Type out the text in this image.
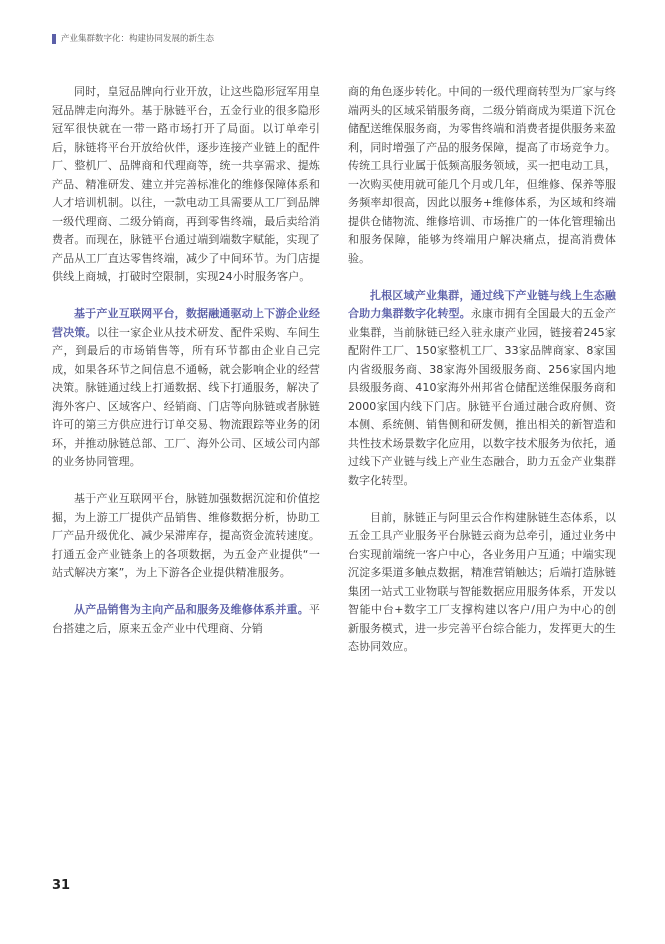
产业集群数字化：构建协同发展的新生态

同时，皇冠品牌向行业开放，让这些隐形冠军用皇冠品牌走向海外。基于脉链平台，五金行业的很多隐形冠军很快就在一带一路市场打开了局面。以订单牵引后，脉链将平台开放给伙伴，逐步连接产业链上的配件厂、整机厂、品牌商和代理商等，统一共享需求、提炼产品、精准研发、建立并完善标准化的维修保障体系和人才培训机制。以往，一款电动工具需要从工厂到品牌一级代理商、二级分销商，再到零售终端，最后卖给消费者。而现在，脉链平台通过端到端数字赋能，实现了产品从工厂直达零售终端，减少了中间环节。为门店提供线上商城，打破时空限制，实现24小时服务客户。

基于产业互联网平台，数据融通驱动上下游企业经营决策。以往一家企业从技术研发、配件采购、车间生产，到最后的市场销售等，所有环节都由企业自己完成，如果各环节之间信息不通畅，就会影响企业的经营决策。脉链通过线上打通数据、线下打通服务，解决了海外客户、区域客户、经销商、门店等向脉链或者脉链许可的第三方供应进行订单交易、物流跟踪等业务的闭环，并推动脉链总部、工厂、海外公司、区域公司内部的业务协同管理。

基于产业互联网平台，脉链加强数据沉淀和价值挖掘，为上游工厂提供产品销售、维修数据分析，协助工厂产品升级优化、减少呆滞库存，提高资金流转速度。打通五金产业链条上的各项数据，为五金产业提供“一站式解决方案”，为上下游各企业提供精准服务。

从产品销售为主向产品和服务及维修体系并重。平台搭建之后，原来五金产业中代理商、分销

商的角色逐步转化。中间的一级代理商转型为厂家与终端两头的区域采销服务商，二级分销商成为渠道下沉仓储配送维保服务商，为零售终端和消费者提供服务来盈利，同时增强了产品的服务保障，提高了市场竞争力。传统工具行业属于低频高服务领域，买一把电动工具，一次购买使用就可能几个月或几年，但维修、保养等服务频率却很高，因此以服务+维修体系，为区域和终端提供仓储物流、维修培训、市场推广的一体化管理输出和服务保障，能够为终端用户解决痛点，提高消费体验。

扎根区域产业集群，通过线下产业链与线上生态融合助力集群数字化转型。永康市拥有全国最大的五金产业集群，当前脉链已经入驻永康产业园，链接着245家配附件工厂、150家整机工厂、33家品牌商家、8家国内省级服务商、38家海外国级服务商、256家国内地县级服务商、410家海外州邦省仓储配送维保服务商和2000家国内线下门店。脉链平台通过融合政府侧、资本侧、系统侧、销售侧和研发侧，推出相关的新智造和共性技术场景数字化应用，以数字技术服务为依托，通过线下产业链与线上产业生态融合，助力五金产业集群数字化转型。

目前，脉链正与阿里云合作构建脉链生态体系，以五金工具产业服务平台脉链云商为总牵引，通过业务中台实现前端统一客户中心，各业务用户互通；中端实现沉淀多渠道多触点数据，精准营销触达；后端打造脉链集团一站式工业物联与智能数据应用服务体系，开发以智能中台+数字工厂支撑构建以客户/用户为中心的创新服务模式，进一步完善平台综合能力，发挥更大的生态协同效应。

31
